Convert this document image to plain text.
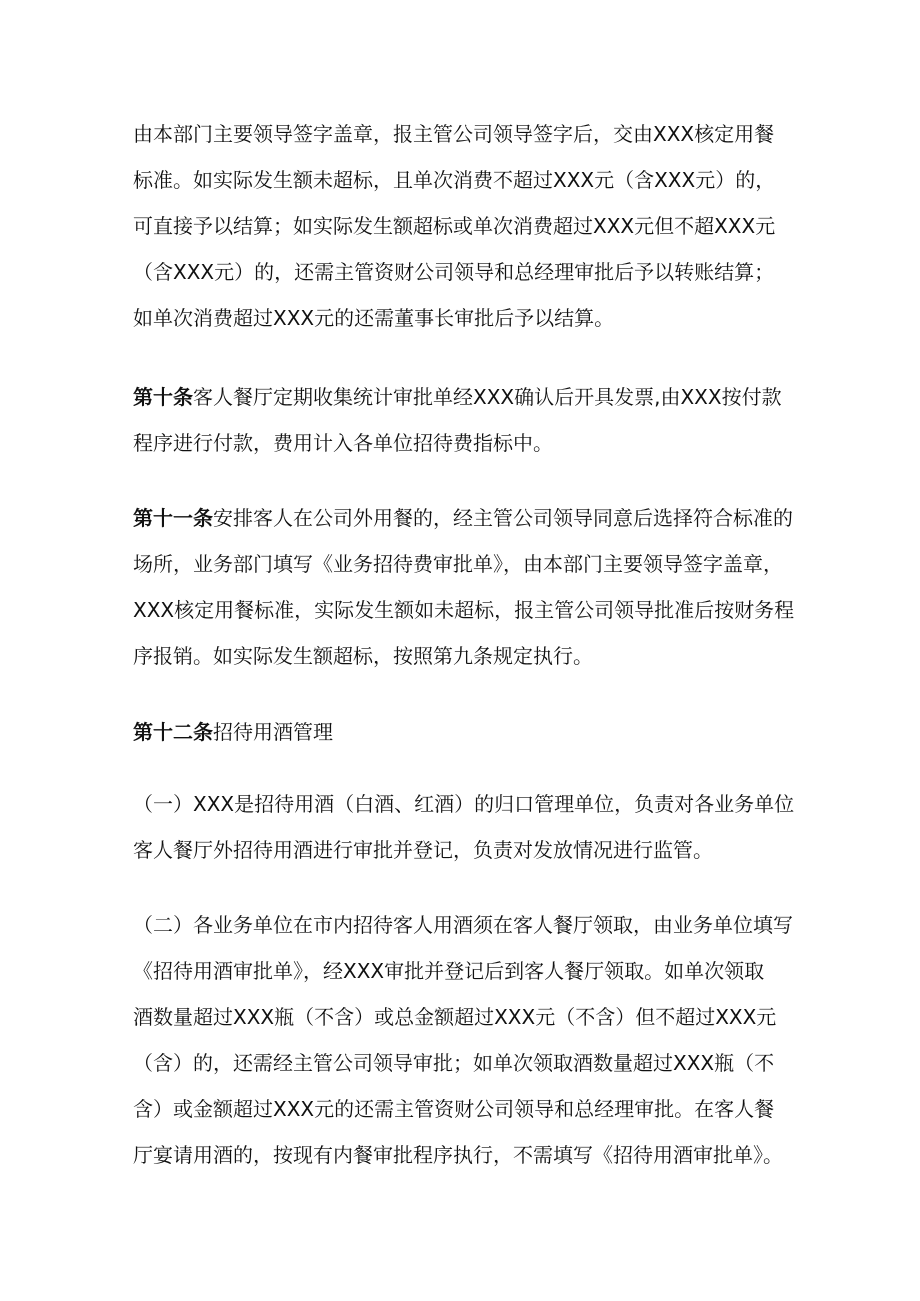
由本部门主要领导签字盖章，报主管公司领导签字后，交由XXX核定用餐
标准。如实际发生额未超标，且单次消费不超过XXX元（含XXX元）的，
可直接予以结算；如实际发生额超标或单次消费超过XXX元但不超XXX元
（含XXX元）的，还需主管资财公司领导和总经理审批后予以转账结算；
如单次消费超过XXX元的还需董事长审批后予以结算。
第十条客人餐厅定期收集统计审批单经XXX确认后开具发票,由XXX按付款
程序进行付款，费用计入各单位招待费指标中。
第十一条安排客人在公司外用餐的，经主管公司领导同意后选择符合标准的
场所，业务部门填写《业务招待费审批单》，由本部门主要领导签字盖章，
XXX核定用餐标准，实际发生额如未超标，报主管公司领导批准后按财务程
序报销。如实际发生额超标，按照第九条规定执行。
第十二条招待用酒管理
（一）XXX是招待用酒（白酒、红酒）的归口管理单位，负责对各业务单位
客人餐厅外招待用酒进行审批并登记，负责对发放情况进行监管。
（二）各业务单位在市内招待客人用酒须在客人餐厅领取，由业务单位填写
《招待用酒审批单》，经XXX审批并登记后到客人餐厅领取。如单次领取
酒数量超过XXX瓶（不含）或总金额超过XXX元（不含）但不超过XXX元
（含）的，还需经主管公司领导审批；如单次领取酒数量超过XXX瓶（不
含）或金额超过XXX元的还需主管资财公司领导和总经理审批。在客人餐
厅宴请用酒的，按现有内餐审批程序执行，不需填写《招待用酒审批单》。
